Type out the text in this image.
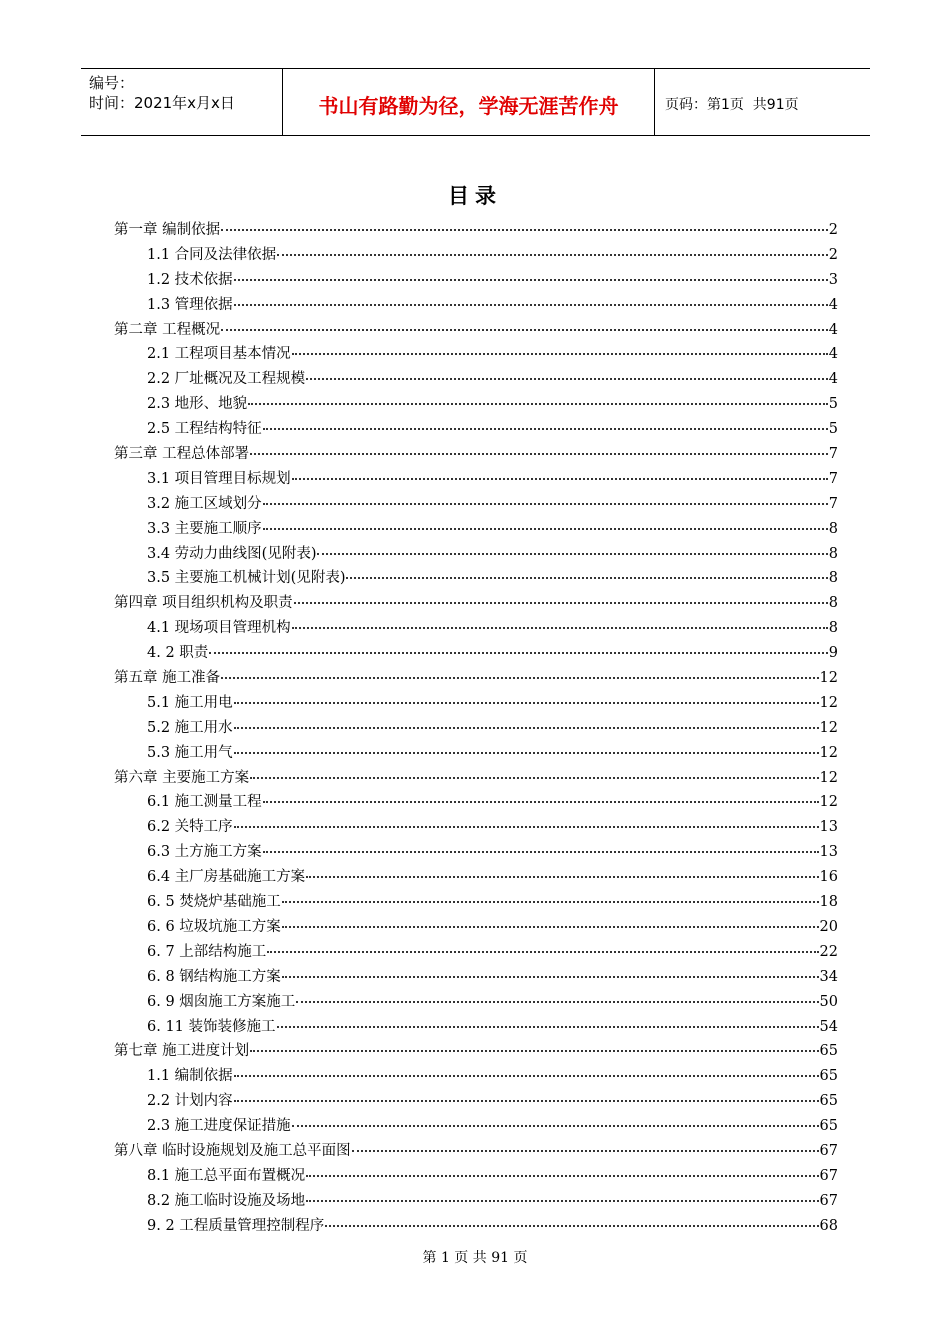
编号：
时间：2021年x月x日	书山有路勤为径，学海无涯苦作舟	页码：第1页  共91页
目录
第一章 编制依据	2
1.1 合同及法律依据	2
1.2 技术依据	3
1.3 管理依据	4
第二章 工程概况	4
2.1 工程项目基本情况	4
2.2 厂址概况及工程规模	4
2.3 地形、地貌	5
2.5 工程结构特征	5
第三章 工程总体部署	7
3.1 项目管理目标规划	7
3.2 施工区域划分	7
3.3 主要施工顺序	8
3.4 劳动力曲线图(见附表)	8
3.5 主要施工机械计划(见附表)	8
第四章 项目组织机构及职责	8
4.1 现场项目管理机构	8
4. 2 职责	9
第五章 施工准备	12
5.1 施工用电	12
5.2 施工用水	12
5.3 施工用气	12
第六章 主要施工方案	12
6.1 施工测量工程	12
6.2 关特工序	13
6.3 土方施工方案	13
6.4 主厂房基础施工方案	16
6. 5 焚烧炉基础施工	18
6. 6 垃圾坑施工方案	20
6. 7 上部结构施工	22
6. 8 钢结构施工方案	34
6. 9 烟囱施工方案施工	50
6. 11 装饰装修施工	54
第七章 施工进度计划	65
1.1 编制依据	65
2.2 计划内容	65
2.3 施工进度保证措施	65
第八章 临时设施规划及施工总平面图	67
8.1 施工总平面布置概况	67
8.2 施工临时设施及场地	67
9. 2 工程质量管理控制程序	68
第 1 页 共 91 页
